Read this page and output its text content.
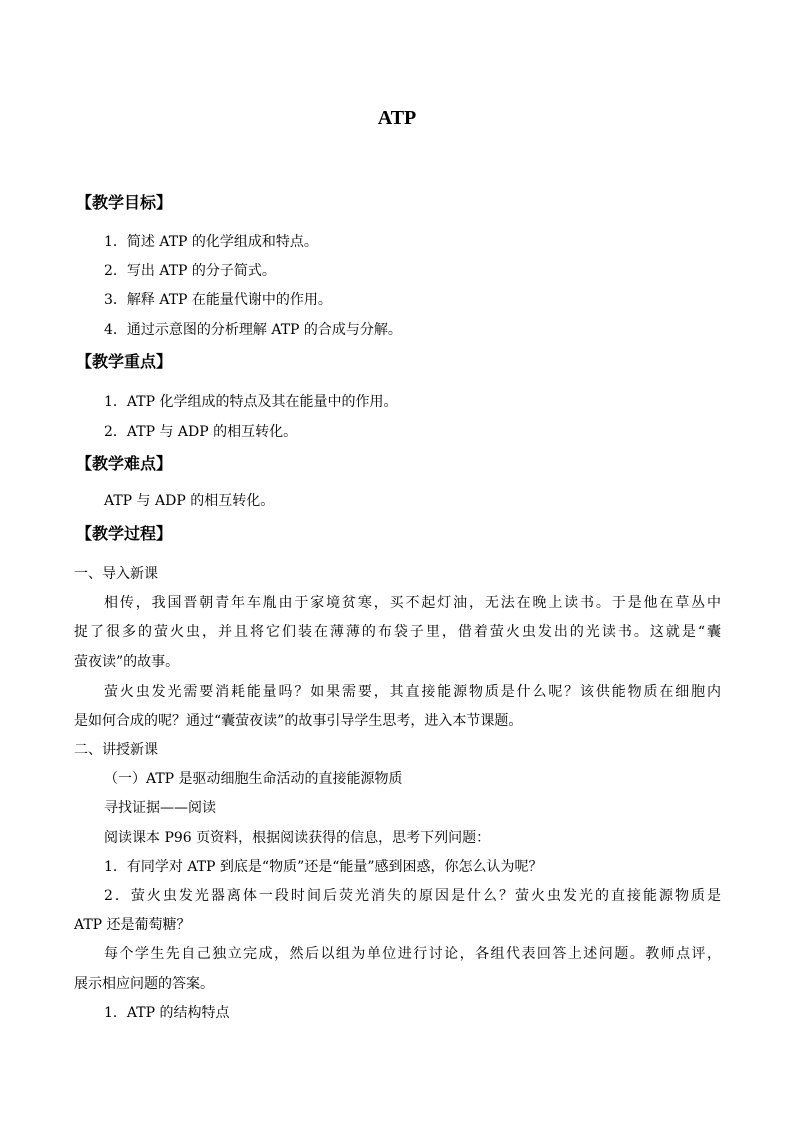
ATP
【教学目标】
1．简述 ATP 的化学组成和特点。
2．写出 ATP 的分子简式。
3．解释 ATP 在能量代谢中的作用。
4．通过示意图的分析理解 ATP 的合成与分解。
【教学重点】
1．ATP 化学组成的特点及其在能量中的作用。
2．ATP 与 ADP 的相互转化。
【教学难点】
ATP 与 ADP 的相互转化。
【教学过程】
一、导入新课
相传，我国晋朝青年车胤由于家境贫寒，买不起灯油，无法在晚上读书。于是他在草丛中
捉了很多的萤火虫，并且将它们装在薄薄的布袋子里，借着萤火虫发出的光读书。这就是“囊
萤夜读”的故事。
萤火虫发光需要消耗能量吗？如果需要，其直接能源物质是什么呢？该供能物质在细胞内
是如何合成的呢？通过“囊萤夜读”的故事引导学生思考，进入本节课题。
二、讲授新课
（一）ATP 是驱动细胞生命活动的直接能源物质
寻找证据——阅读
阅读课本 P96 页资料，根据阅读获得的信息，思考下列问题：
1．有同学对 ATP 到底是“物质”还是“能量”感到困惑，你怎么认为呢？
2．萤火虫发光器离体一段时间后荧光消失的原因是什么？萤火虫发光的直接能源物质是
ATP 还是葡萄糖？
每个学生先自己独立完成，然后以组为单位进行讨论，各组代表回答上述问题。教师点评，
展示相应问题的答案。
1．ATP 的结构特点
